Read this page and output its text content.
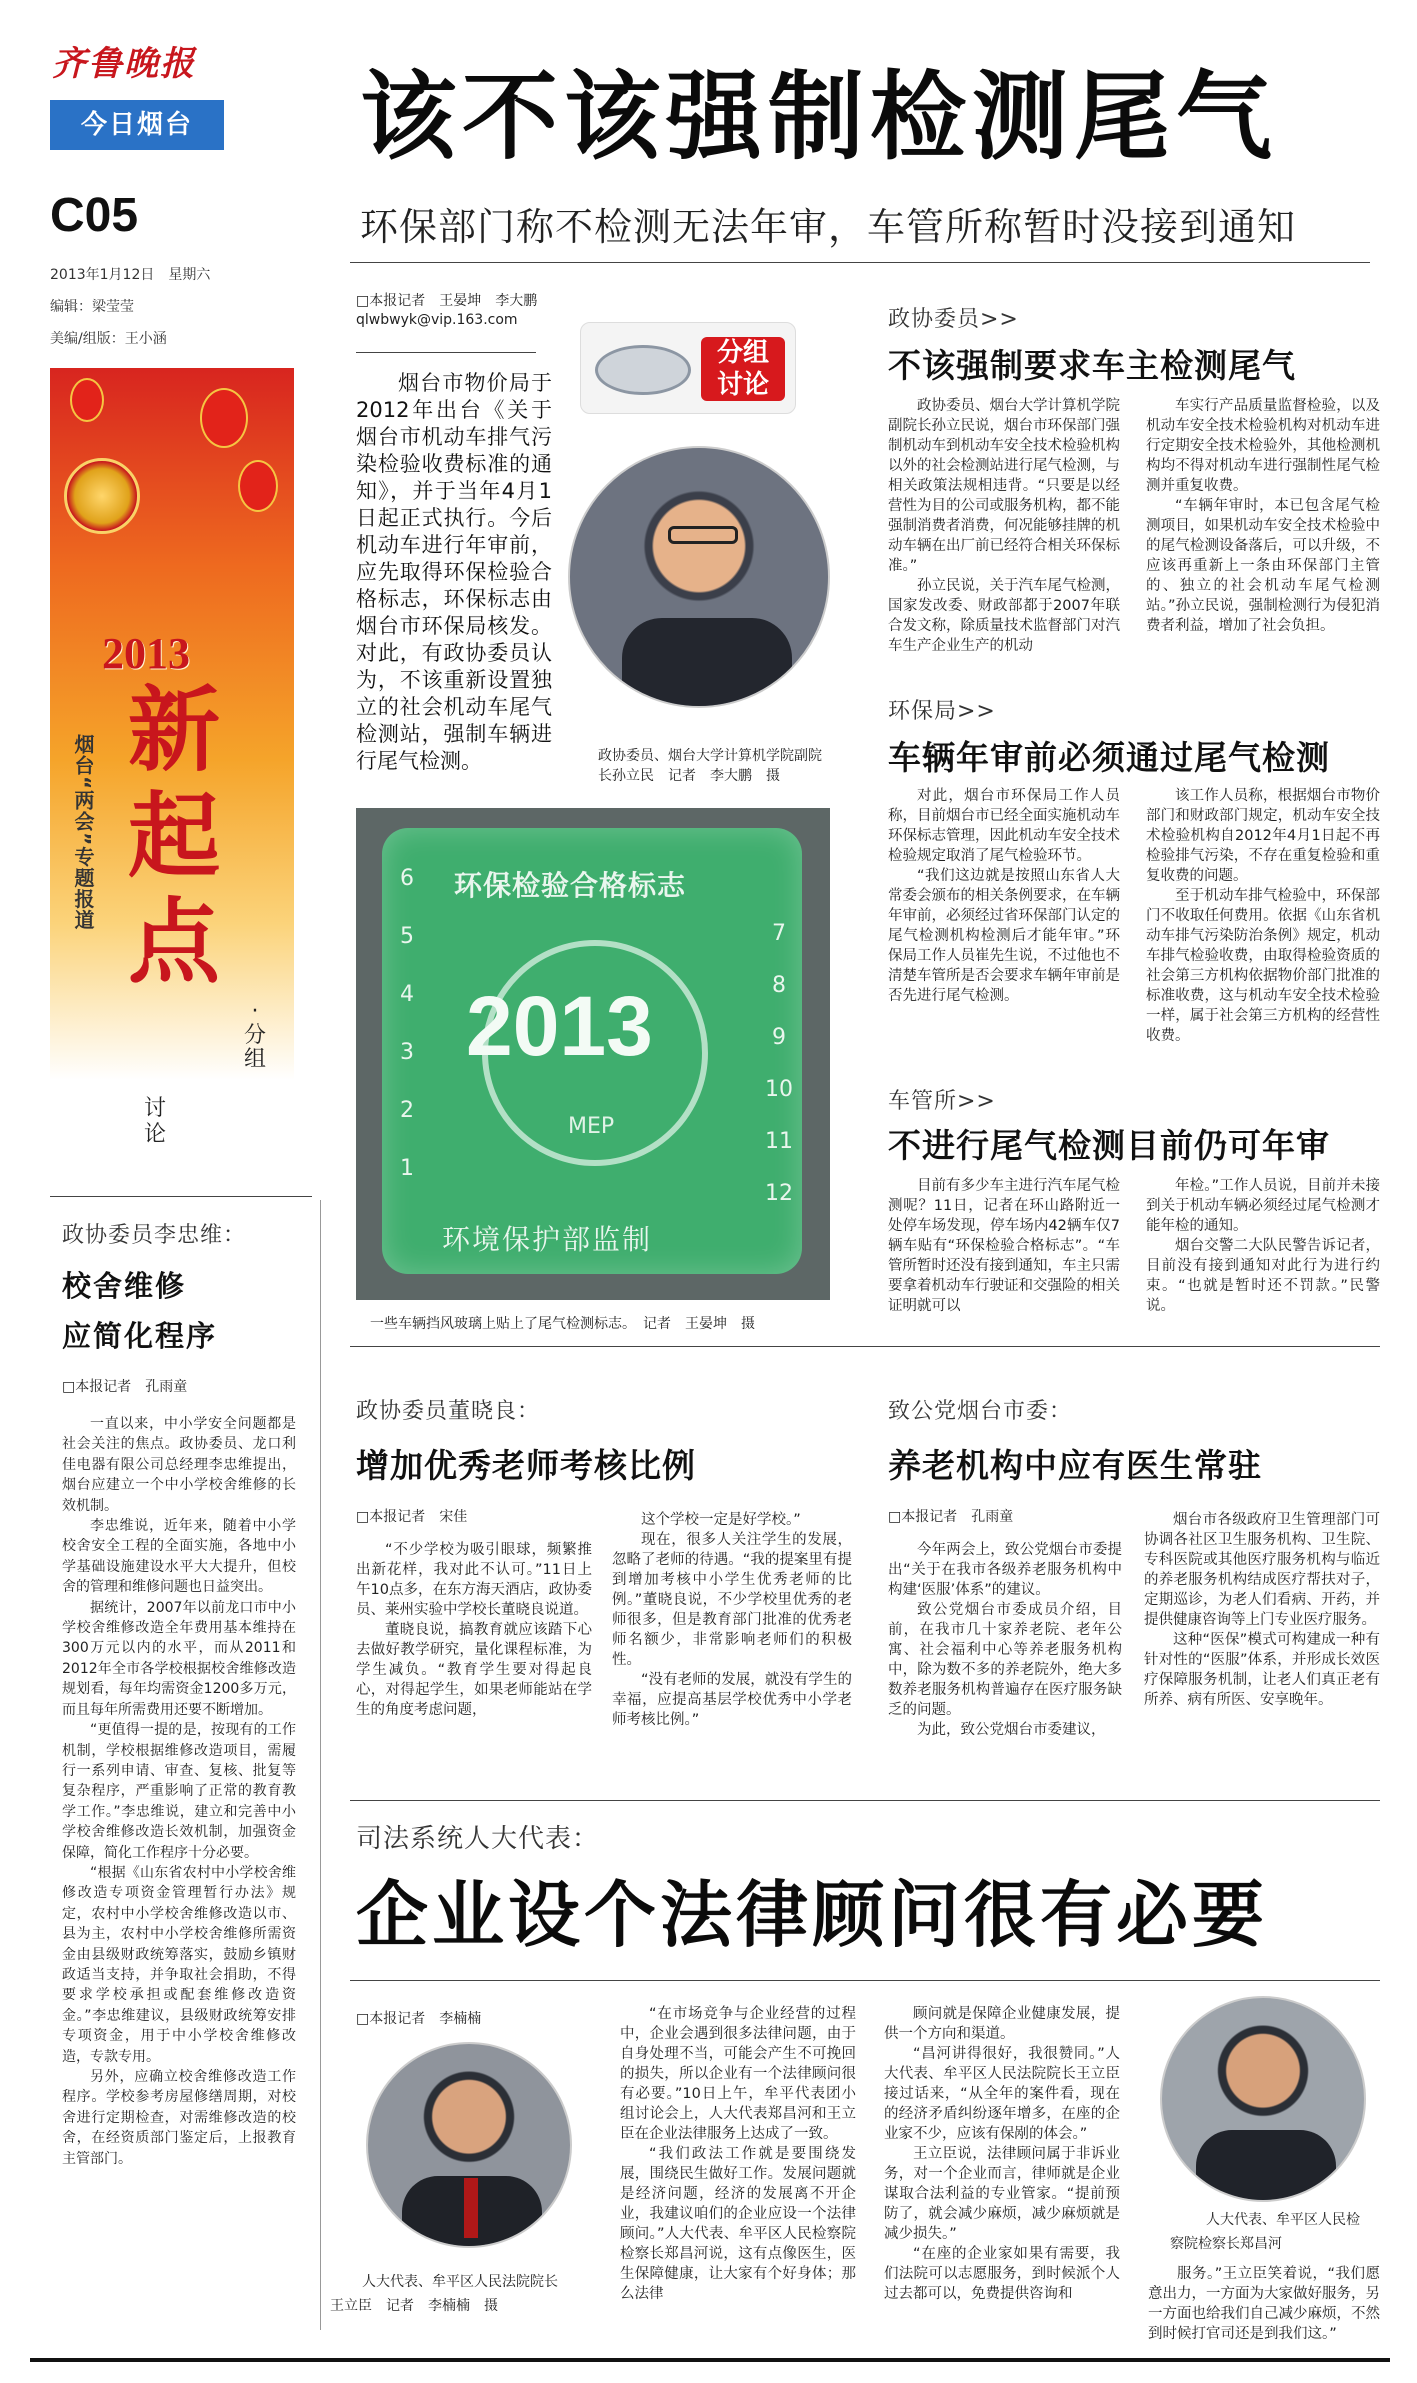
齐鲁晚报
今日烟台
C05
2013年1月12日　星期六
编辑：梁莹莹
美编/组版：王小涵
2013
烟台“两会”专题报道
新
起
点
·
分
组
讨
论
该不该强制检测尾气
环保部门称不检测无法年审，车管所称暂时没接到通知
□本报记者　王晏坤　李大鹏
qlwbwyk@vip.163.com
分组讨论
烟台市物价局于2012年出台《关于烟台市机动车排气污染检验收费标准的通知》，并于当年4月1日起正式执行。今后机动车进行年审前，应先取得环保检验合格标志，环保标志由烟台市环保局核发。对此，有政协委员认为，不该重新设置独立的社会机动车尾气检测站，强制车辆进行尾气检测。	政协委员、烟台大学计算机学院副院长孙立民　记者　李大鹏　摄
环保检验合格标志
2013
MEP
环境保护部监制
6
5
4
3
2
1
7
8
9
10
11
12
一些车辆挡风玻璃上贴上了尾气检测标志。　记者　王晏坤　摄
政协委员>>
不该强制要求车主检测尾气

政协委员、烟台大学计算机学院副院长孙立民说，烟台市环保部门强制机动车到机动车安全技术检验机构以外的社会检测站进行尾气检测，与相关政策法规相违背。“只要是以经营性为目的公司或服务机构，都不能强制消费者消费，何况能够挂牌的机动车辆在出厂前已经符合相关环保标准。”

孙立民说，关于汽车尾气检测，国家发改委、财政部都于2007年联合发文称，除质量技术监督部门对汽车生产企业生产的机动

车实行产品质量监督检验，以及机动车安全技术检验机构对机动车进行定期安全技术检验外，其他检测机构均不得对机动车进行强制性尾气检测并重复收费。

“车辆年审时，本已包含尾气检测项目，如果机动车安全技术检验中的尾气检测设备落后，可以升级，不应该再重新上一条由环保部门主管的、独立的社会机动车尾气检测站。”孙立民说，强制检测行为侵犯消费者利益，增加了社会负担。

环保局>>
车辆年审前必须通过尾气检测

对此，烟台市环保局工作人员称，目前烟台市已经全面实施机动车环保标志管理，因此机动车安全技术检验规定取消了尾气检验环节。

“我们这边就是按照山东省人大常委会颁布的相关条例要求，在车辆年审前，必须经过省环保部门认定的尾气检测机构检测后才能年审。”环保局工作人员崔先生说，不过他也不清楚车管所是否会要求车辆年审前是否先进行尾气检测。

该工作人员称，根据烟台市物价部门和财政部门规定，机动车安全技术检验机构自2012年4月1日起不再检验排气污染，不存在重复检验和重复收费的问题。

至于机动车排气检验中，环保部门不收取任何费用。依据《山东省机动车排气污染防治条例》规定，机动车排气检验收费，由取得检验资质的社会第三方机构依据物价部门批准的标准收费，这与机动车安全技术检验一样，属于社会第三方机构的经营性收费。

车管所>>
不进行尾气检测目前仍可年审

目前有多少车主进行汽车尾气检测呢？11日，记者在环山路附近一处停车场发现，停车场内42辆车仅7辆车贴有“环保检验合格标志”。“车管所暂时还没有接到通知，车主只需要拿着机动车行驶证和交强险的相关证明就可以

年检。”工作人员说，目前并未接到关于机动车辆必须经过尾气检测才能年检的通知。

烟台交警二大队民警告诉记者，目前没有接到通知对此行为进行约束。“也就是暂时还不罚款。”民警说。

政协委员李忠维：
校舍维修
应简化程序
□本报记者　孔雨童

一直以来，中小学安全问题都是社会关注的焦点。政协委员、龙口利佳电器有限公司总经理李忠维提出，烟台应建立一个中小学校舍维修的长效机制。

李忠维说，近年来，随着中小学校舍安全工程的全面实施，各地中小学基础设施建设水平大大提升，但校舍的管理和维修问题也日益突出。

据统计，2007年以前龙口市中小学校舍维修改造全年费用基本维持在300万元以内的水平，而从2011和2012年全市各学校根据校舍维修改造规划看，每年均需资金1200多万元，而且每年所需费用还要不断增加。

“更值得一提的是，按现有的工作机制，学校根据维修改造项目，需履行一系列申请、审查、复核、批复等复杂程序，严重影响了正常的教育教学工作。”李忠维说，建立和完善中小学校舍维修改造长效机制，加强资金保障，简化工作程序十分必要。

“根据《山东省农村中小学校舍维修改造专项资金管理暂行办法》规定，农村中小学校舍维修改造以市、县为主，农村中小学校舍维修所需资金由县级财政统筹落实，鼓励乡镇财政适当支持，并争取社会捐助，不得要求学校承担或配套维修改造资金。”李忠维建议，县级财政统筹安排专项资金，用于中小学校舍维修改造，专款专用。

另外，应确立校舍维修改造工作程序。学校参考房屋修缮周期，对校舍进行定期检查，对需维修改造的校舍，在经资质部门鉴定后，上报教育主管部门。

政协委员董晓良：
增加优秀老师考核比例
□本报记者　宋佳

“不少学校为吸引眼球，频繁推出新花样，我对此不认可。”11日上午10点多，在东方海天酒店，政协委员、莱州实验中学校长董晓良说道。

董晓良说，搞教育就应该踏下心去做好教学研究，量化课程标准，为学生减负。“教育学生要对得起良心，对得起学生，如果老师能站在学生的角度考虑问题，

这个学校一定是好学校。”

现在，很多人关注学生的发展，忽略了老师的待遇。“我的提案里有提到增加考核中小学生优秀老师的比例。”董晓良说，不少学校里优秀的老师很多，但是教育部门批准的优秀老师名额少，非常影响老师们的积极性。

“没有老师的发展，就没有学生的幸福，应提高基层学校优秀中小学老师考核比例。”

致公党烟台市委：
养老机构中应有医生常驻
□本报记者　孔雨童

今年两会上，致公党烟台市委提出“关于在我市各级养老服务机构中构建‘医服’体系”的建议。

致公党烟台市委成员介绍，目前，在我市几十家养老院、老年公寓、社会福利中心等养老服务机构中，除为数不多的养老院外，绝大多数养老服务机构普遍存在医疗服务缺乏的问题。

为此，致公党烟台市委建议，

烟台市各级政府卫生管理部门可协调各社区卫生服务机构、卫生院、专科医院或其他医疗服务机构与临近的养老服务机构结成医疗帮扶对子，定期巡诊，为老人们看病、开药，并提供健康咨询等上门专业医疗服务。

这种“医保”模式可构建成一种有针对性的“医服”体系，并形成长效医疗保障服务机制，让老人们真正老有所养、病有所医、安享晚年。

司法系统人大代表：
企业设个法律顾问很有必要
□本报记者　李楠楠
人大代表、牟平区人民法院院长
王立臣　记者　李楠楠　摄

“在市场竞争与企业经营的过程中，企业会遇到很多法律问题，由于自身处理不当，可能会产生不可挽回的损失，所以企业有一个法律顾问很有必要。”10日上午，牟平代表团小组讨论会上，人大代表郑昌河和王立臣在企业法律服务上达成了一致。

“我们政法工作就是要围绕发展，围绕民生做好工作。发展问题就是经济问题，经济的发展离不开企业，我建议咱们的企业应设一个法律顾问。”人大代表、牟平区人民检察院检察长郑昌河说，这有点像医生，医生保障健康，让大家有个好身体；那么法律

顾问就是保障企业健康发展，提供一个方向和渠道。

“昌河讲得很好，我很赞同。”人大代表、牟平区人民法院院长王立臣接过话来，“从全年的案件看，现在的经济矛盾纠纷逐年增多，在座的企业家不少，应该有保剐的体会。”

王立臣说，法律顾问属于非诉业务，对一个企业而言，律师就是企业谋取合法利益的专业管家。“提前预防了，就会减少麻烦，减少麻烦就是减少损失。”

“在座的企业家如果有需要，我们法院可以志愿服务，到时候派个人过去都可以，免费提供咨询和

人大代表、牟平区人民检
察院检察长郑昌河

服务。”王立臣笑着说，“我们愿意出力，一方面为大家做好服务，另一方面也给我们自己减少麻烦，不然到时候打官司还是到我们这。”
